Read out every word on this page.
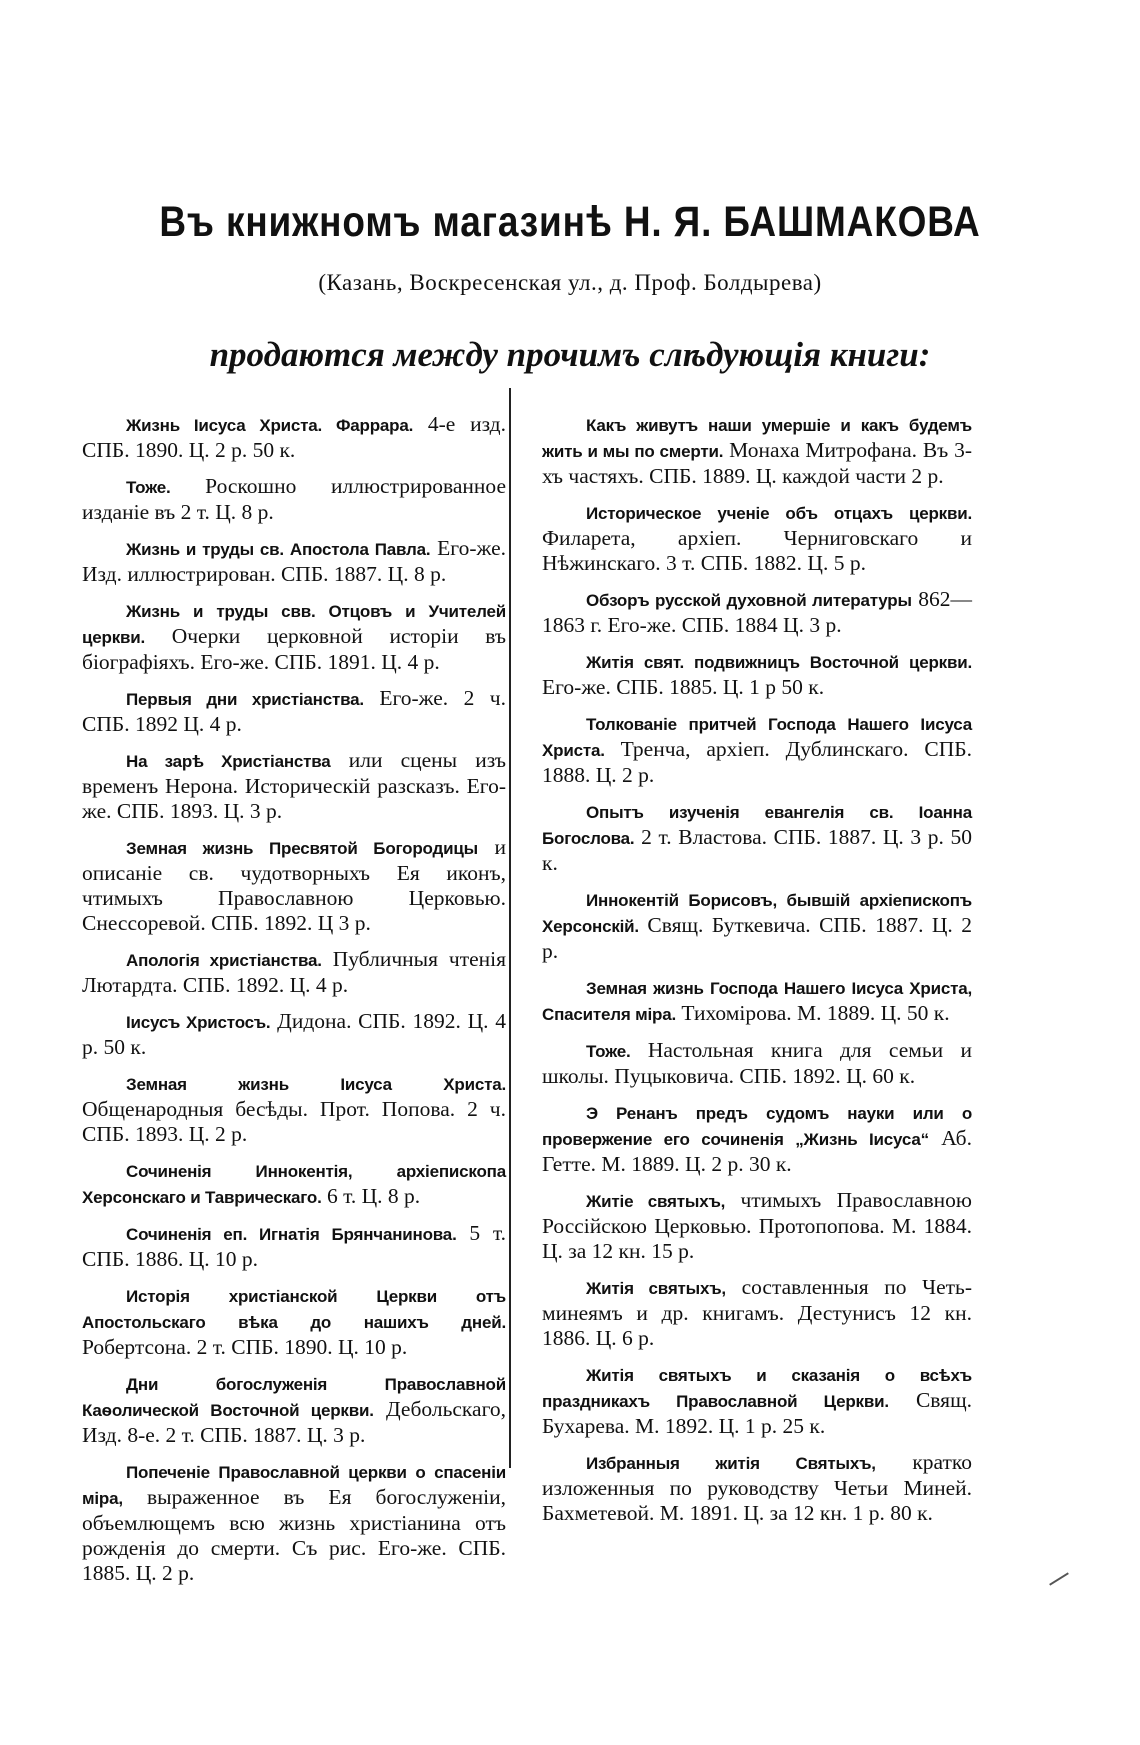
Въ книжномъ магазинѣ Н. Я. БАШМАКОВА
(Казань, Воскресенская ул., д. Проф. Болдырева)
продаются между прочимъ слѣдующія книги:

Жизнь Іисуса Христа. Фаррара. 4-е изд. СПБ. 1890. Ц. 2 р. 50 к.

Тоже. Роскошно иллюстрированное изданіе въ 2 т. Ц. 8 р.

Жизнь и труды св. Апостола Павла. Его-же. Изд. иллюстрирован. СПБ. 1887. Ц. 8 р.

Жизнь и труды свв. Отцовъ и Учителей церкви. Очерки церковной исторіи въ біографіяхъ. Его-же. СПБ. 1891. Ц. 4 р.

Первыя дни христіанства. Его-же. 2 ч. СПБ. 1892 Ц. 4 р.

На зарѣ Христіанства или сцены изъ временъ Нерона. Историческій разсказъ. Его-же. СПБ. 1893. Ц. 3 р.

Земная жизнь Пресвятой Богородицы и описаніе св. чудотворныхъ Ея иконъ, чтимыхъ Православною Церковью. Снессоревой. СПБ. 1892. Ц 3 р.

Апологія христіанства. Публичныя чтенія Лютардта. СПБ. 1892. Ц. 4 р.

Іисусъ Христосъ. Дидона. СПБ. 1892. Ц. 4 р. 50 к.

Земная жизнь Іисуса Христа. Общенародныя бесѣды. Прот. Попова. 2 ч. СПБ. 1893. Ц. 2 р.

Сочиненія Иннокентія, архіепископа Херсонскаго и Таврическаго. 6 т. Ц. 8 р.

Сочиненія еп. Игнатія Брянчанинова. 5 т. СПБ. 1886. Ц. 10 р.

Исторія христіанской Церкви отъ Апостольскаго вѣка до нашихъ дней. Робертсона. 2 т. СПБ. 1890. Ц. 10 р.

Дни богослуженія Православной Каѳолической Восточной церкви. Дебольскаго, Изд. 8-е. 2 т. СПБ. 1887. Ц. 3 р.

Попеченіе Православной церкви о спасеніи міра, выраженное въ Ея богослуженіи, объемлющемъ всю жизнь христіанина отъ рожденія до смерти. Съ рис. Его-же. СПБ. 1885. Ц. 2 р.

Какъ живутъ наши умершіе и какъ будемъ жить и мы по смерти. Монаха Митрофана. Въ 3-хъ частяхъ. СПБ. 1889. Ц. каждой части 2 р.

Историческое ученіе объ отцахъ церкви. Филарета, архіеп. Черниговскаго и Нѣжинскаго. 3 т. СПБ. 1882. Ц. 5 р.

Обзоръ русской духовной литературы 862—1863 г. Его-же. СПБ. 1884 Ц. 3 р.

Житія свят. подвижницъ Восточной церкви. Его-же. СПБ. 1885. Ц. 1 р 50 к.

Толкованіе притчей Господа Нашего Іисуса Христа. Тренча, архіеп. Дублинскаго. СПБ. 1888. Ц. 2 р.

Опытъ изученія евангелія св. Іоанна Богослова. 2 т. Властова. СПБ. 1887. Ц. 3 р. 50 к.

Иннокентій Борисовъ, бывшій архіепископъ Херсонскій. Свящ. Буткевича. СПБ. 1887. Ц. 2 р.

Земная жизнь Господа Нашего Іисуса Христа, Спасителя міра. Тихомірова. М. 1889. Ц. 50 к.

Тоже. Настольная книга для семьи и школы. Пуцыковича. СПБ. 1892. Ц. 60 к.

Э Ренанъ предъ судомъ науки или о провержение его сочиненія „Жизнь Іисуса“ Аб. Гетте. М. 1889. Ц. 2 р. 30 к.

Житіе святыхъ, чтимыхъ Православною Россійскою Церковью. Протопопова. М. 1884. Ц. за 12 кн. 15 р.

Житія святыхъ, составленныя по Четь-минеямъ и др. книгамъ. Дестунисъ 12 кн. 1886. Ц. 6 р.

Житія святыхъ и сказанія о всѣхъ праздникахъ Православной Церкви. Свящ. Бухарева. М. 1892. Ц. 1 р. 25 к.

Избранныя житія Святыхъ, кратко изложенныя по руководству Четьи Миней. Бахметевой. М. 1891. Ц. за 12 кн. 1 р. 80 к.
